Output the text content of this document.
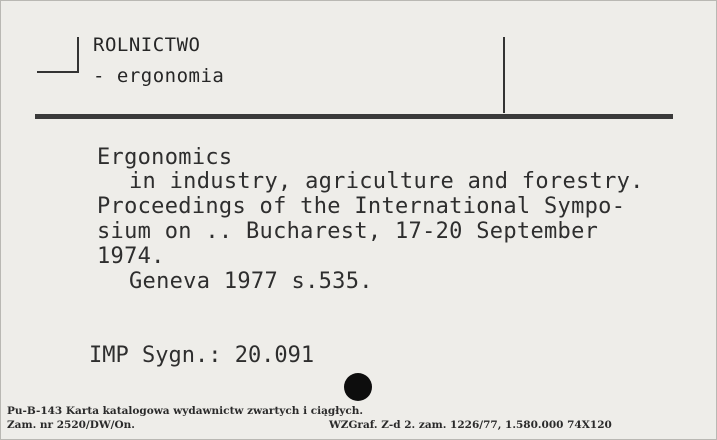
ROLNICTWO
- ergonomia
Ergonomics
in industry, agriculture and forestry.
Proceedings of the International Sympo-
sium on .. Bucharest, 17-20 September
1974.
Geneva 1977 s.535.
IMP Sygn.: 20.091
Pu-B-143 Karta katalogowa wydawnictw zwartych i ciągłych.
Zam. nr 2520/DW/On.	WZGraf. Z-d 2. zam. 1226/77, 1.580.000 74X120
